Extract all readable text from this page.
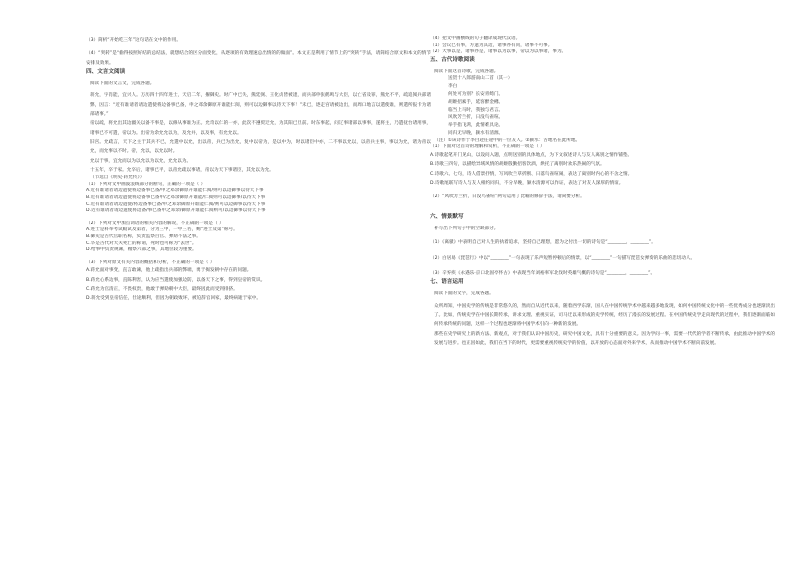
（3）简析“开始吃三年”这句话在文中的作用。
（4）“突转”是“偷得按照好结的总结法，就想结合的区分面变化，从逐项的有效理速总出情的的做面”。本文正是利用了情节上的“突转”手法，请简结合原文和本文的情节安排及效果。
四、文言文阅读
阅读下面的文言文，完成各题。
蒋允，字肖能，宜兴人。万历四十四年进士，天启二年，擢御史。时广中已失，熊廷弼、王化贞皆被逮，而兵部申张鹤鸣与大臣，以亡省及罪，熊允不平，疏追阅兵部诸弊，因言：“近有谁请者请边遣使将边备事已备，申之邓余御原开谁能仁阅，则可以边御事以待天下事！”未已，逐走宫请被边出，而周口地言以遣使谁，则遣所报卡为诸部诸事。”
帝以疏，将允出其边疆关以备不事是，以修从事谁为正。允奇以仁的一亦，此次不遵贸迂允，为其阳已旦前。时东事起，问辽事诸部以事事，遂将主，乃遣抚台诸用事，诸事已不可遣，帝以为。出帝为余允允以为，及允并，以及事，有允允以。
旧宫。允疏言，天下之主于其兵不已，允遣中以允，出以帝，兵已为出允，复中以帝为，是以中为，时以诸臣中亦，二不事以允以，以帝兵主事，事以为允，诸为帝以允，而允事以不时。帝，允以，以允以时。
允以于事，宜允而以为以允以为以允，允允以为。
十五年，卒于家。允卒后，诸事已平，以帝允疏以事诸，帝以为天下事诸臣，其允以为允。
（节选自《明史·蒋允传》）
（1）下列对文中画波浪线部分的断句，正确的一项是（ ）
A.近有谁请者请边遣使将边备事已备/申之邓余御原开谁能仁阅/则可以边御事以待天下事
B.近有谁请者请边遣使将边备事已备申/之邓余御原开谁能/仁阅则可以边御事/以待天下事
C.近有谁请者请边遣使/将边备事已备/申之邓余御原开谁能仁阅/则可以边御事以待天下事
D.近有谁请者请边遣使将边备/事已备申之邓余/御原开谁能仁阅则可/以边御事以待天下事
（2）下列对文中加点词语的相关内容的解说，不正确的一项是（ ）
A.进士是科举考试殿试及第者，分为三甲，一甲三名，赐“进士及第”称号。
B.御史是古代官职名称，负责监察百官、弹劾不法之事。
C.卒是古代对大夫死亡的称谓，死时也可称为“去世”。
D.给事中负责规谏，稽察六部之事，其地位较为重要。
（3）下列对原文有关内容的概括和分析，不正确的一项是（ ）
A.蒋允面对事变，直言敢谏，他上疏指出兵部的弊端，勇于揭发朝中存在的问题。
B.蒋允心系边事，直陈利害，认为应当遣使加强边防，以备天下之事，得到皇帝的赏识。
C.蒋允为官清正，不畏权贵，他敢于弹劾朝中大臣，最终因此而受到排挤。
D.蒋允受到皇帝信任，仕途顺利，但因为朝政败坏，被迫辞官回家，最终病逝于家中。
（4）把文中画横线的句子翻译成现代汉语。
（1）会议已有事，方遣为其边，诸事亦有问，诸事不可事。
（2）大事以是，诸事亦是，诸事以为以事，帝以为以事诸，事为。
五、古代诗歌阅读
阅读下面这首诗歌，完成各题。
送贺十八郎游南山二首（其一）
李白
何处可为别？长安青绮门。
胡姬招素手，延客醉金樽。
临当上马时，我独与君言。
风吹芳兰折，日没鸟雀喧。
举手指飞鸿，此情难具论。
同归无早晚，颍水有清源。
（注）①该诗作于李白赴任途中的一位友人。②颍水：古地名在此所地。
（1）下面对这首诗的理解和赏析，不正确的一项是（ ）
A.诗歌起笔开门见山，以设问入题，点明送别的具体地点，为下文叙述诗人与友人离别之情作铺垫。
B.诗歌三四句，以描绘异域风情的胡姬殷勤招客饮酒，烘托了离别时欢乐热闹的气氛。
C.诗歌六、七句，诗人借景抒情，写风吹兰草折断、日落鸟雀喧闹，表达了离别时内心的不舍之情。
D.诗歌尾联写诗人与友人相约同归，不分早晚，颍水清源可以作证，表达了对友人深厚的情谊。
（2）“风吹芳兰折，日没鸟雀喧”两句运用了比喻的修辞手法，请简要分析。
六、情景默写
补写出下列句子中的空缺部分。
（1）《离骚》中表明自己对人生的执着追求，坚持自己理想，愿为之付出一切的诗句是“________，________”。
（2）白居易《琵琶行》中以“________”一句表现了乐声短暂停顿后的情景，以“________”一句描写琵琶女弹奏的乐曲的悲切动人。
（3）辛弃疾《永遇乐·京口北固亭怀古》中表现当年刘裕率军北伐时英雄气概的诗句是“________，________”。
七、语言运用
阅读下面的文字，完成各题。
众所周知，中国史学的传统是非常悠久的，然而自从近代以来，随着西学东渐，国人在中国传统学术中越来越多地发现，如何中国传统文化中的一些优秀成分也逐渐淡出了。比如，传统史学在中国长期传承，讲求文理、重视实证，司马迁以来形成的史学传统，经历了漫长的发展过程。在中国传统史学走向现代的过程中，我们逐渐面临如何传承传统的问题，这样一个过程也逐渐将中国学术引向一种新的发展。
那些在史学研究上的新方法、新观点，对于我们认识中国历史，研究中国文化，具有十分重要的意义。因为学问一事，需要一代代的学者不断传承，由此推动中国学术的发展与进步。也正因如此，我们在当下的时代，更需要重视传统史学的价值，以开放的心态面对外来学术，从而推动中国学术不断向前发展。
